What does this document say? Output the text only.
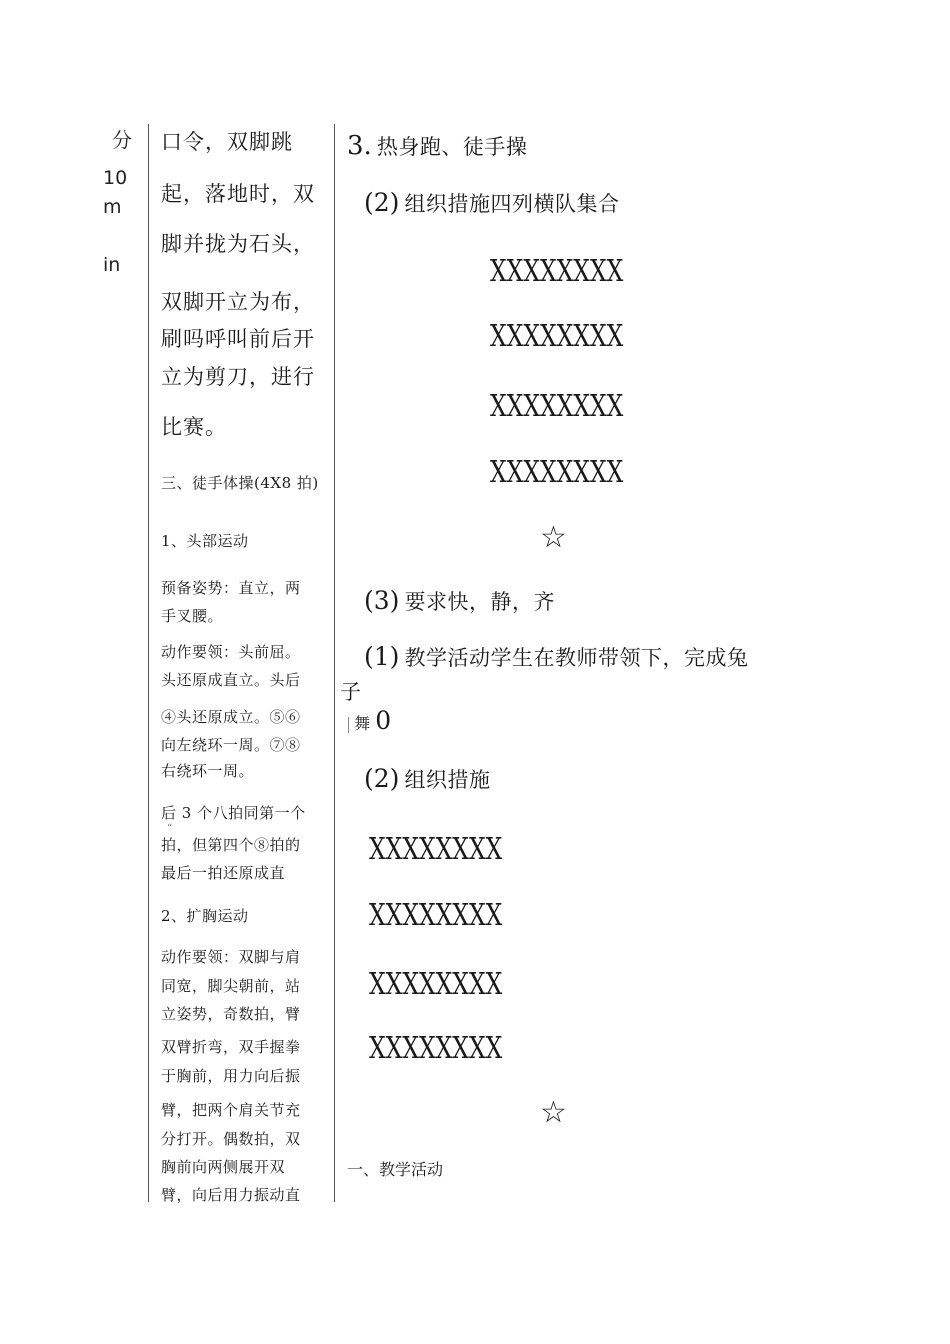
分
10
m
in
口令，双脚跳
起，落地时，双
脚并拢为石头，
双脚开立为布，
刷吗呼叫前后开
立为剪刀，进行
比赛。
三、徒手体操(4X8 拍)
1、头部运动
预备姿势：直立，两
手叉腰。
动作要领：头前屈。
头还原成直立。头后
④头还原成立。⑤⑥
向左绕环一周。⑦⑧
右绕环一周。
后 3 个八拍同第一个
“
拍，但第四个⑧拍的
最后一拍还原成直
2、扩胸运动
动作要领：双脚与肩
同宽，脚尖朝前，站
立姿势，奇数拍，臂
双臂折弯，双手握拳
于胸前，用力向后振
臂，把两个肩关节充
分打开。偶数拍，双
胸前向两侧展开双
臂，向后用力振动直
3. 热身跑、徒手操
(2) 组织措施四列横队集合
XXXXXXXX
XXXXXXXX
XXXXXXXX
XXXXXXXX
☆
(3) 要求快，静，齐
(1) 教学活动学生在教师带领下，完成兔
子
舞 0
(2) 组织措施
XXXXXXXX
XXXXXXXX
XXXXXXXX
XXXXXXXX
☆
一、教学活动
